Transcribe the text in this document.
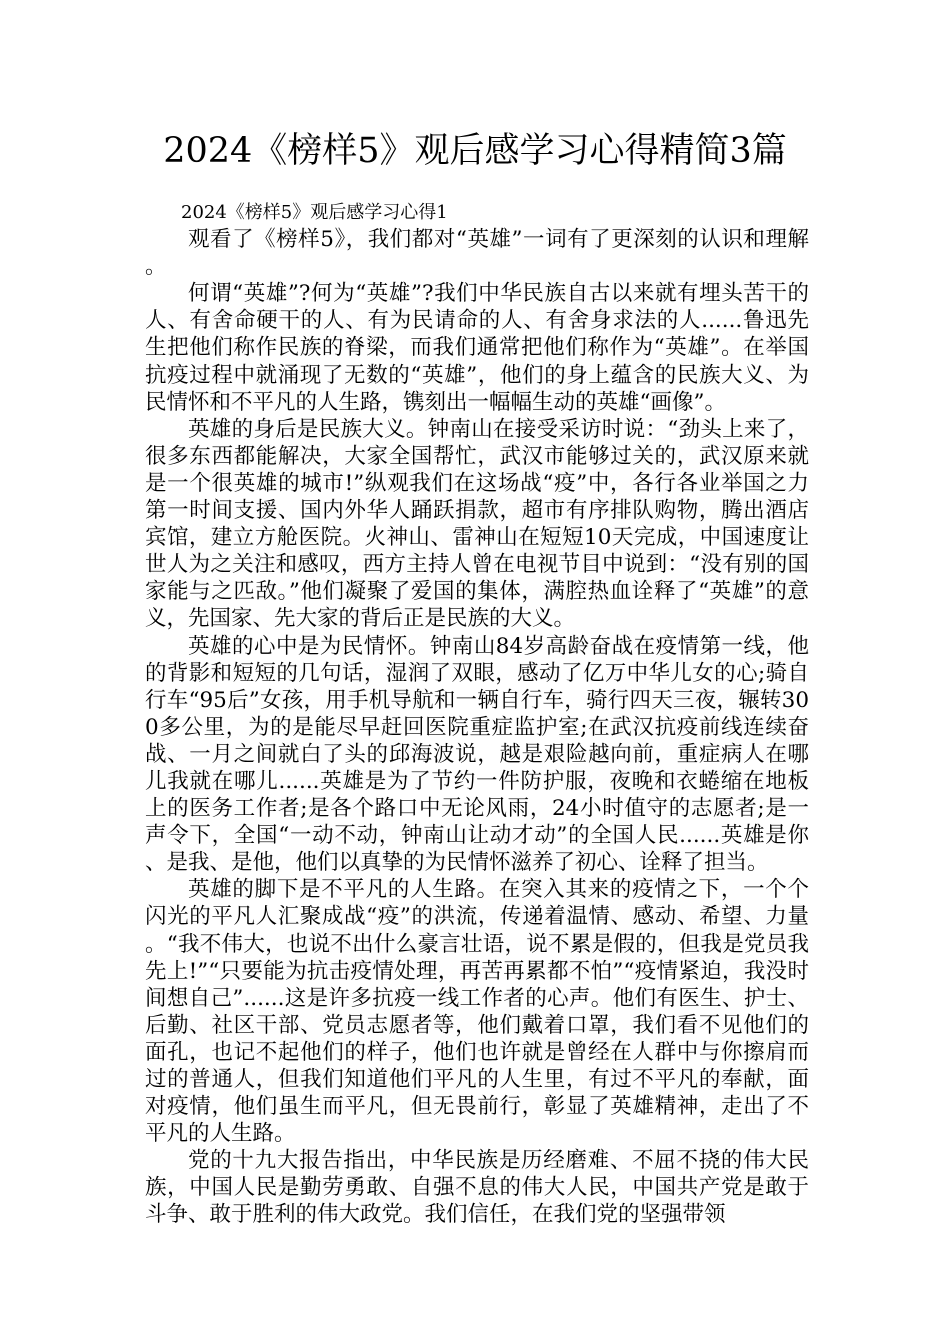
2024《榜样5》观后感学习心得精简3篇

2024《榜样5》观后感学习心得1

观看了《榜样5》，我们都对“英雄”一词有了更深刻的认识和理解。

何谓“英雄”?何为“英雄”?我们中华民族自古以来就有埋头苦干的人、有舍命硬干的人、有为民请命的人、有舍身求法的人......鲁迅先生把他们称作民族的脊梁，而我们通常把他们称作为“英雄”。在举国抗疫过程中就涌现了无数的“英雄”，他们的身上蕴含的民族大义、为民情怀和不平凡的人生路，镌刻出一幅幅生动的英雄“画像”。

英雄的身后是民族大义。钟南山在接受采访时说：“劲头上来了，很多东西都能解决，大家全国帮忙，武汉市能够过关的，武汉原来就是一个很英雄的城市!”纵观我们在这场战“疫”中，各行各业举国之力第一时间支援、国内外华人踊跃捐款，超市有序排队购物，腾出酒店宾馆，建立方舱医院。火神山、雷神山在短短10天完成，中国速度让世人为之关注和感叹，西方主持人曾在电视节目中说到：“没有别的国家能与之匹敌。”他们凝聚了爱国的集体，满腔热血诠释了“英雄”的意义，先国家、先大家的背后正是民族的大义。

英雄的心中是为民情怀。钟南山84岁高龄奋战在疫情第一线，他的背影和短短的几句话，湿润了双眼，感动了亿万中华儿女的心;骑自行车“95后”女孩，用手机导航和一辆自行车，骑行四天三夜，辗转300多公里，为的是能尽早赶回医院重症监护室;在武汉抗疫前线连续奋战、一月之间就白了头的邱海波说，越是艰险越向前，重症病人在哪儿我就在哪儿......英雄是为了节约一件防护服，夜晚和衣蜷缩在地板上的医务工作者;是各个路口中无论风雨，24小时值守的志愿者;是一声令下，全国“一动不动，钟南山让动才动”的全国人民......英雄是你、是我、是他，他们以真挚的为民情怀滋养了初心、诠释了担当。

英雄的脚下是不平凡的人生路。在突入其来的疫情之下，一个个闪光的平凡人汇聚成战“疫”的洪流，传递着温情、感动、希望、力量。“我不伟大，也说不出什么豪言壮语，说不累是假的，但我是党员我先上!”“只要能为抗击疫情处理，再苦再累都不怕”“疫情紧迫，我没时间想自己”......这是许多抗疫一线工作者的心声。他们有医生、护士、后勤、社区干部、党员志愿者等，他们戴着口罩，我们看不见他们的面孔，也记不起他们的样子，他们也许就是曾经在人群中与你擦肩而过的普通人，但我们知道他们平凡的人生里，有过不平凡的奉献，面对疫情，他们虽生而平凡，但无畏前行，彰显了英雄精神，走出了不平凡的人生路。

党的十九大报告指出，中华民族是历经磨难、不屈不挠的伟大民族，中国人民是勤劳勇敢、自强不息的伟大人民，中国共产党是敢于斗争、敢于胜利的伟大政党。我们信任，在我们党的坚强带领
